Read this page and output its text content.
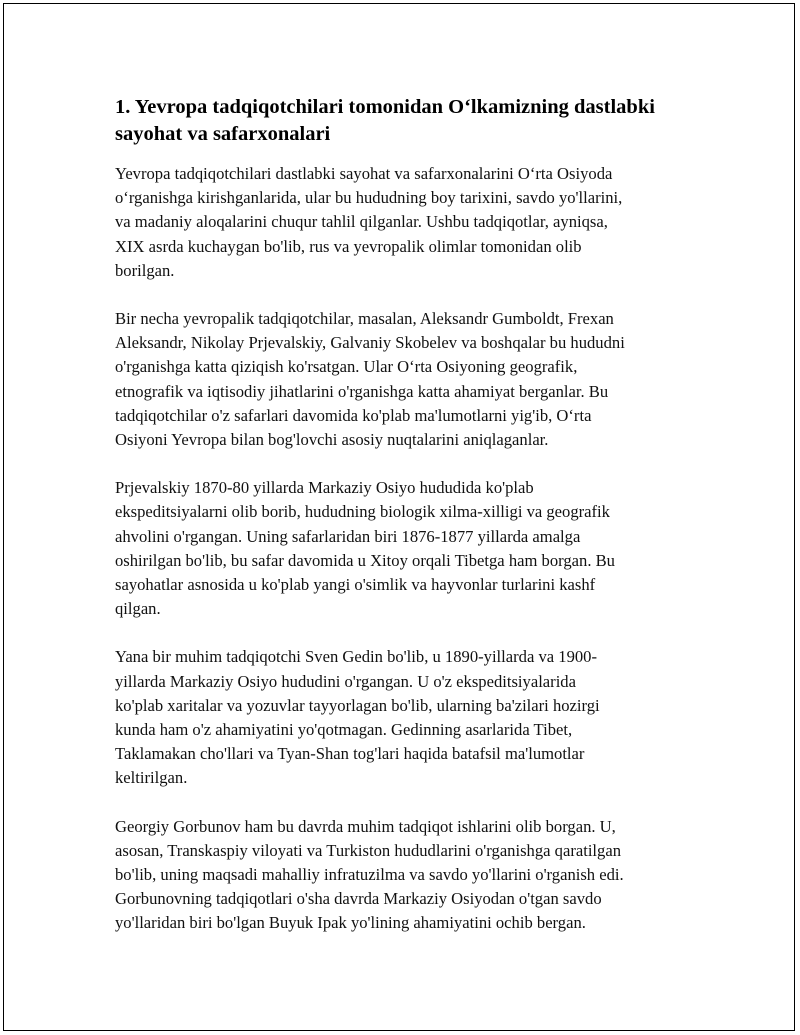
1. Yevropa tadqiqotchilari tomonidan O‘lkamizning dastlabki
sayohat va safarxonalari

Yevropa tadqiqotchilari dastlabki sayohat va safarxonalarini O‘rta Osiyoda
o‘rganishga kirishganlarida, ular bu hududning boy tarixini, savdo yo'llarini,
va madaniy aloqalarini chuqur tahlil qilganlar. Ushbu tadqiqotlar, ayniqsa,
XIX asrda kuchaygan bo'lib, rus va yevropalik olimlar tomonidan olib
borilgan.

Bir necha yevropalik tadqiqotchilar, masalan, Aleksandr Gumboldt, Frexan
Aleksandr, Nikolay Prjevalskiy, Galvaniy Skobelev va boshqalar bu hududni
o'rganishga katta qiziqish ko'rsatgan. Ular O‘rta Osiyoning geografik,
etnografik va iqtisodiy jihatlarini o'rganishga katta ahamiyat berganlar. Bu
tadqiqotchilar o'z safarlari davomida ko'plab ma'lumotlarni yig'ib, O‘rta
Osiyoni Yevropa bilan bog'lovchi asosiy nuqtalarini aniqlaganlar.

Prjevalskiy 1870-80 yillarda Markaziy Osiyo hududida ko'plab
ekspeditsiyalarni olib borib, hududning biologik xilma-xilligi va geografik
ahvolini o'rgangan. Uning safarlaridan biri 1876-1877 yillarda amalga
oshirilgan bo'lib, bu safar davomida u Xitoy orqali Tibetga ham borgan. Bu
sayohatlar asnosida u ko'plab yangi o'simlik va hayvonlar turlarini kashf
qilgan.

Yana bir muhim tadqiqotchi Sven Gedin bo'lib, u 1890-yillarda va 1900-
yillarda Markaziy Osiyo hududini o'rgangan. U o'z ekspeditsiyalarida
ko'plab xaritalar va yozuvlar tayyorlagan bo'lib, ularning ba'zilari hozirgi
kunda ham o'z ahamiyatini yo'qotmagan. Gedinning asarlarida Tibet,
Taklamakan cho'llari va Tyan-Shan tog'lari haqida batafsil ma'lumotlar
keltirilgan.

Georgiy Gorbunov ham bu davrda muhim tadqiqot ishlarini olib borgan. U,
asosan, Transkaspiy viloyati va Turkiston hududlarini o'rganishga qaratilgan
bo'lib, uning maqsadi mahalliy infratuzilma va savdo yo'llarini o'rganish edi.
Gorbunovning tadqiqotlari o'sha davrda Markaziy Osiyodan o'tgan savdo
yo'llaridan biri bo'lgan Buyuk Ipak yo'lining ahamiyatini ochib bergan.
